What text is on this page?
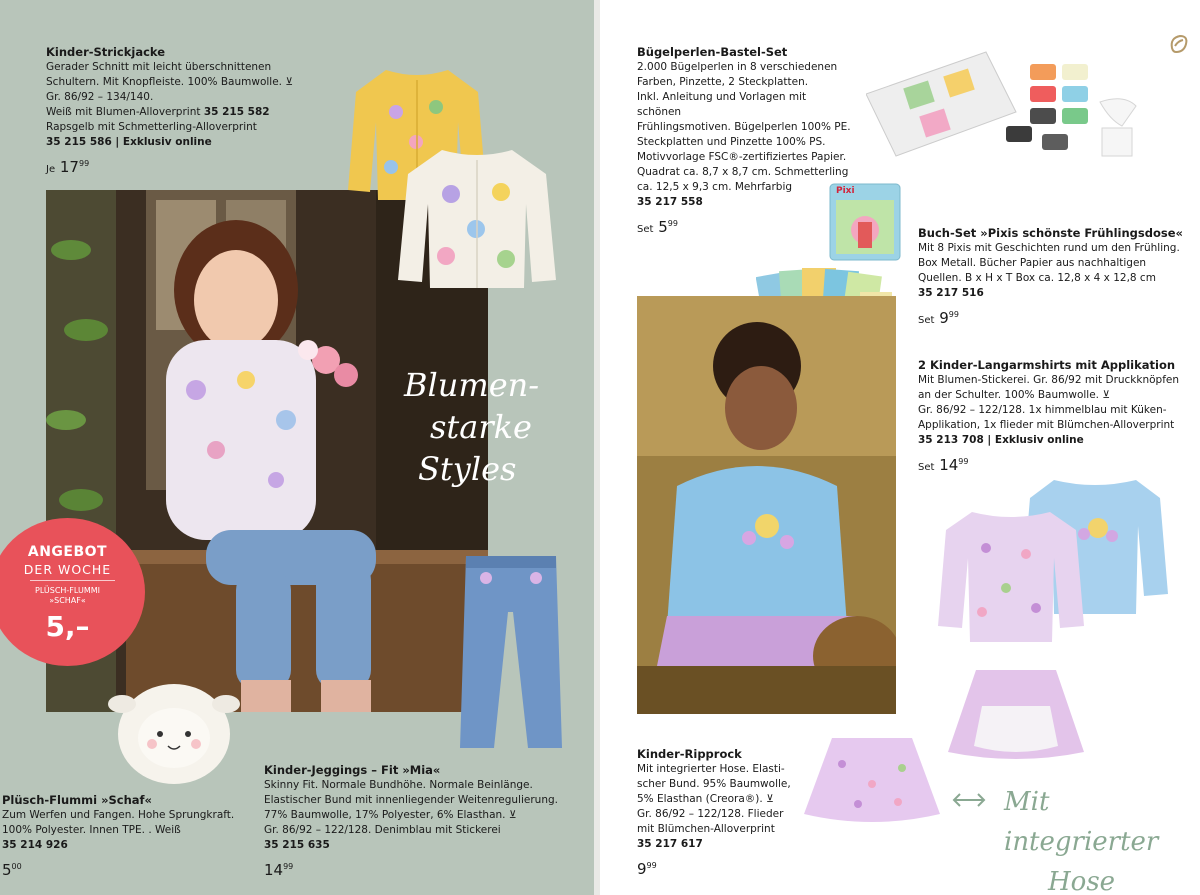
Kinder-Strickjacke
Gerader Schnitt mit leicht überschnittenen
Schultern. Mit Knopfleiste. 100% Baumwolle. ⊻
Gr. 86/92 – 134/140.
Weiß mit Blumen-Alloverprint 35 215 582
Rapsgelb mit Schmetterling-Alloverprint
35 215 586 | Exklusiv online
Je $17^{99}$
Blumen-
starke
Styles
ANGEBOT
DER WOCHE
PLÜSCH-FLUMMI
»SCHAF«
5,–
Plüsch-Flummi »Schaf«
Zum Werfen und Fangen. Hohe Sprungkraft.
100% Polyester. Innen TPE. . Weiß
35 214 926
$5^{00}$
Kinder-Jeggings – Fit »Mia«
Skinny Fit. Normale Bundhöhe. Normale Beinlänge.
Elastischer Bund mit innenliegender Weitenregulierung.
77% Baumwolle, 17% Polyester, 6% Elasthan. ⊻
Gr. 86/92 – 122/128. Denimblau mit Stickerei
35 215 635
$14^{99}$
Bügelperlen-Bastel-Set
2.000 Bügelperlen in 8 verschiedenen
Farben, Pinzette, 2 Steckplatten.
Inkl. Anleitung und Vorlagen mit schönen
Frühlingsmotiven. Bügelperlen 100% PE.
Steckplatten und Pinzette 100% PS.
Motivvorlage FSC®-zertifiziertes Papier.
Quadrat ca. 8,7 x 8,7 cm. Schmetterling
ca. 12,5 x 9,3 cm. Mehrfarbig
35 217 558
Set $5^{99}$
Pixi
Buch-Set »Pixis schönste Frühlingsdose«
Mit 8 Pixis mit Geschichten rund um den Frühling.
Box Metall. Bücher Papier aus nachhaltigen
Quellen. B x H x T Box ca. 12,8 x 4 x 12,8 cm
35 217 516
Set $9^{99}$
2 Kinder-Langarmshirts mit Applikation
Mit Blumen-Stickerei. Gr. 86/92 mit Druckknöpfen
an der Schulter. 100% Baumwolle. ⊻
Gr. 86/92 – 122/128. 1x himmelblau mit Küken-
Applikation, 1x flieder mit Blümchen-Alloverprint
35 213 708 | Exklusiv online
Set $14^{99}$
Kinder-Ripprock
Mit integrierter Hose. Elasti-
scher Bund. 95% Baumwolle,
5% Elasthan (Creora®). ⊻
Gr. 86/92 – 122/128. Flieder
mit Blümchen-Alloverprint
35 217 617
$9^{99}$
Mit integrierter
Hose
